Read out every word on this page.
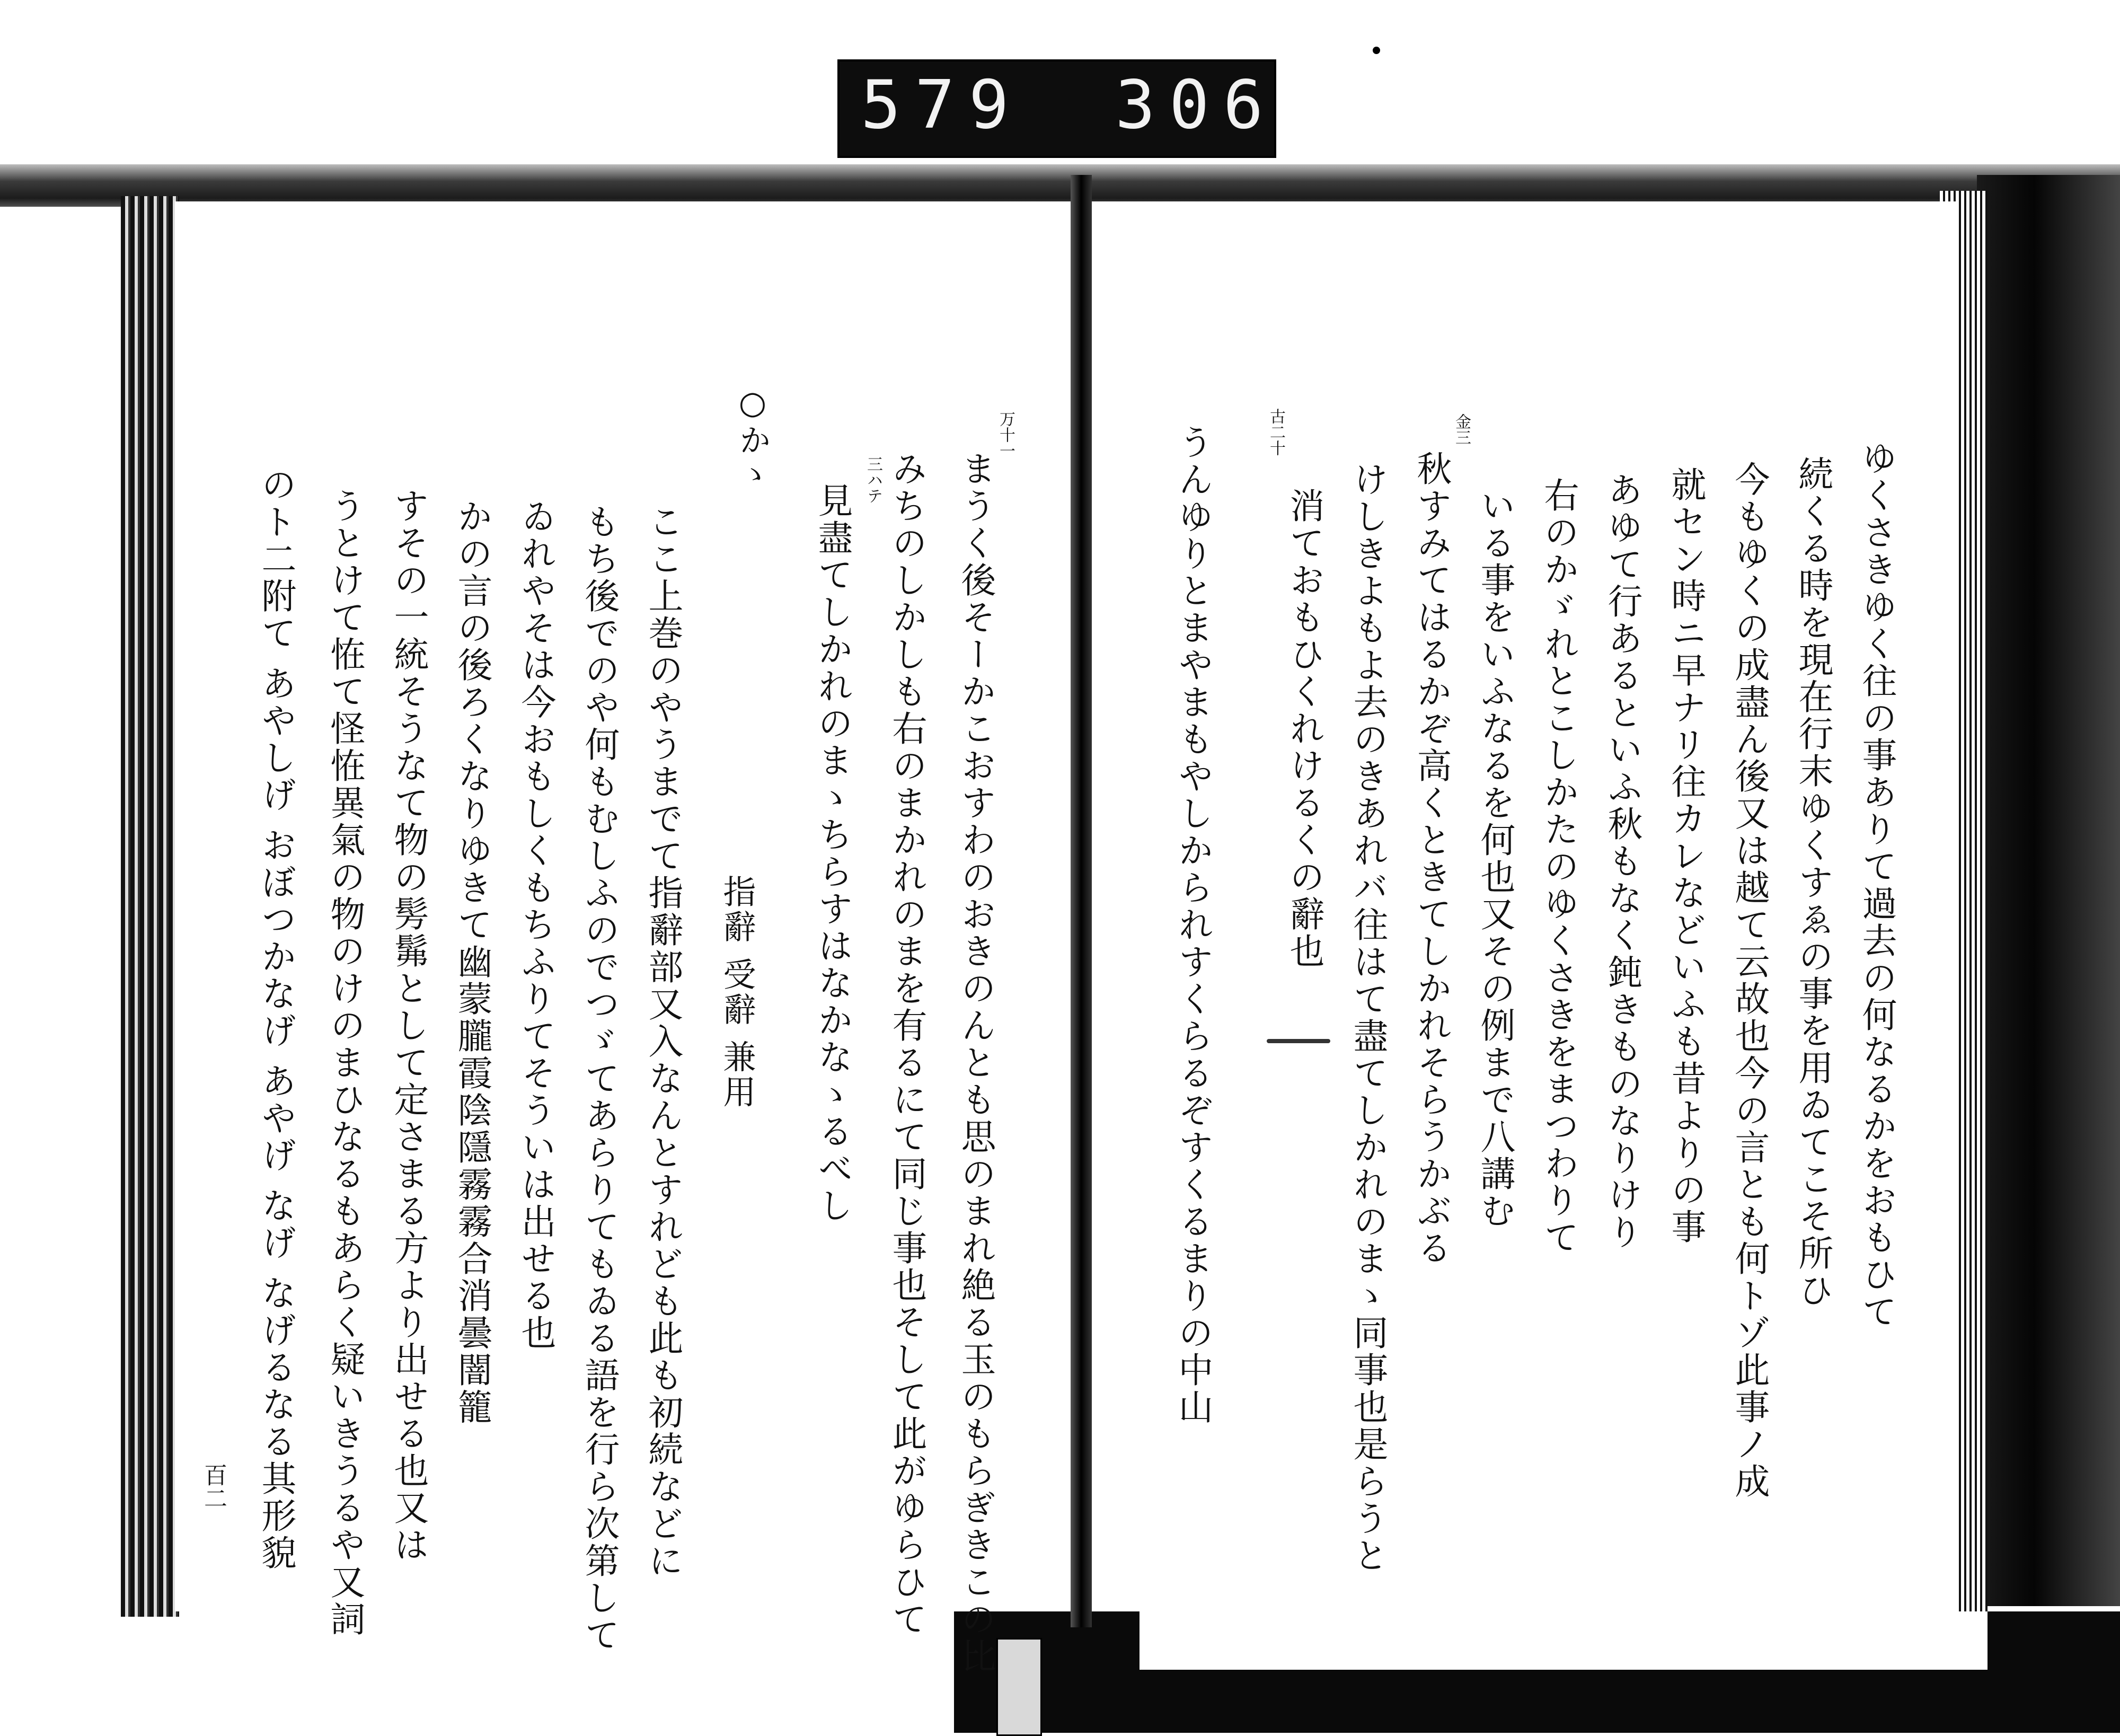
579 306
万十一
まうく後そーかこおすわのおきのんとも思のまれ絶る玉のもらぎきこの比
みちのしかしも右のまかれのまを有るにて同じ事也そして此がゆらひて
三ハテ
見盡てしかれのまゝちらすはなかなゝるべし
○かゝ
指辭 受辭 兼用
ここ上巻のやうまでて指辭部又入なんとすれども此も初続などに
もち後でのや何もむしふのでつゞてあらりてもゐる語を行ら次第して
ゐれやそは今おもしくもちふりてそういは出せる也
かの言の後ろくなりゆきて幽蒙朧霞陰隱霧霧合消曇闇籠
すその一統そうなて物の髣髴として定さまる方より出せる也又は
うとけて恠て怪恠異氣の物のけのまひなるもあらく疑いきうるや又詞
のト二附て あやしげ おぼつかなげ あやげ なげ なげるなる其形貌
百二
ゆくさきゆく往の事ありて過去の何なるかをおもひて
続くる時を現在行末ゆくすゑの事を用ゐてこそ所ひ
今もゆくの成盡ん後又は越て云故也今の言とも何トゾ此事ノ成
就セン時ニ早ナリ往カレなどいふも昔よりの事
あゆて行あるといふ秋もなく鈍きものなりけり
右のかゞれとこしかたのゆくさきをまつわりて
いる事をいふなるを何也又その例まで八講む
金三
秋すみてはるかぞ高くときてしかれそらうかぶる
けしきよもよ去のきあれバ往はて盡てしかれのまゝ同事也是らうと
消ておもひくれけるくの辭也
古二十
うんゆりとまやまもやしかられすくらるぞすくるまりの中山
